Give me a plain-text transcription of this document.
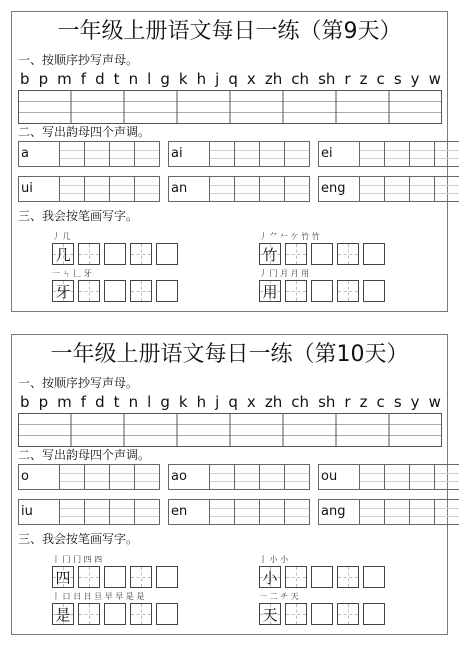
一年级上册语文每日一练（第9天）
一、按顺序抄写声母。
b p m f d t n l g k h j q x zh ch sh r z c s y w
二、写出韵母四个声调。
a	ai	ei
ui	an	eng
三、我会按笔画写字。
丿 几
几
丿 ⺈ 𠂉 ケ 竹 竹
竹
一 ㄣ 𠃊 牙
牙
丿 冂 月 月 用
用
一年级上册语文每日一练（第10天）
一、按顺序抄写声母。
b p m f d t n l g k h j q x zh ch sh r z c s y w
二、写出韵母四个声调。
o	ao	ou
iu	en	ang
三、我会按笔画写字。
丨 冂 冂 四 四
四
亅 小 小
小
丨 口 日 日 旦 早 早 是 是
是
一 二 チ 天
天
